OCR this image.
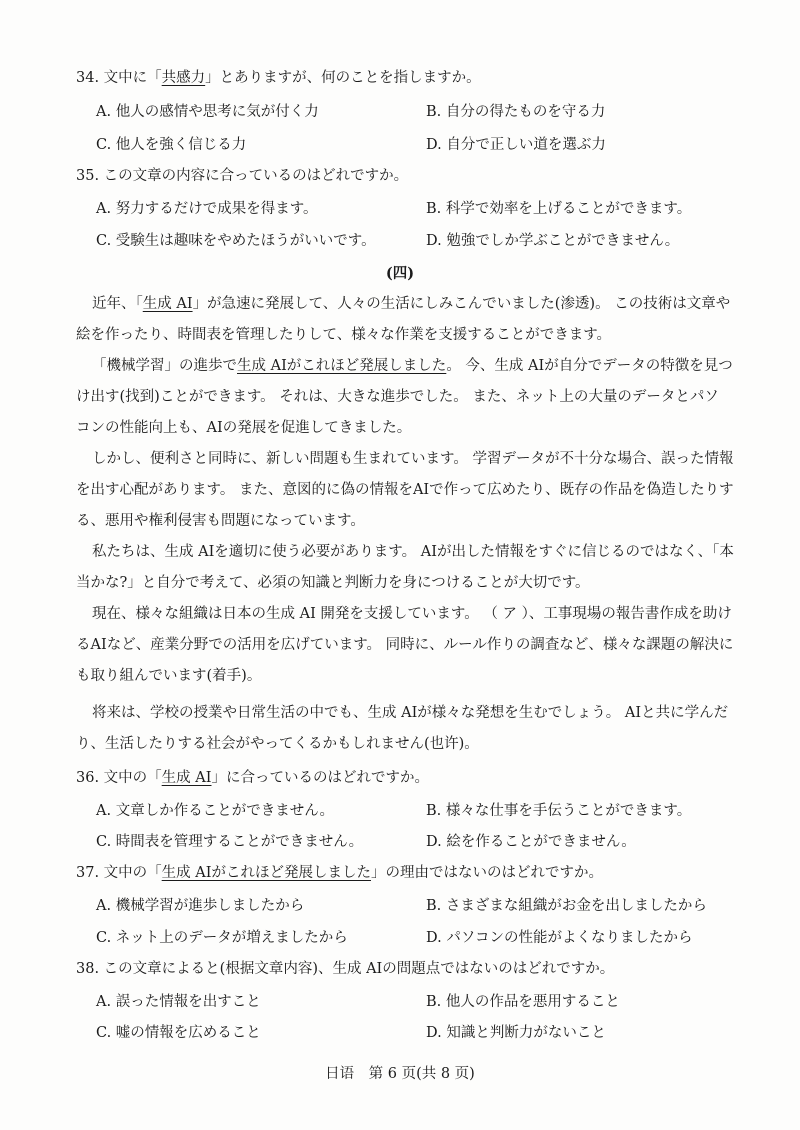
34. 文中に「共感力」とありますが、何のことを指しますか。
A. 他人の感情や思考に気が付く力	B. 自分の得たものを守る力
C. 他人を強く信じる力	D. 自分で正しい道を選ぶ力
35. この文章の内容に合っているのはどれですか。
A. 努力するだけで成果を得ます。	B. 科学で効率を上げることができます。
C. 受験生は趣味をやめたほうがいいです。	D. 勉強でしか学ぶことができません。
(四)
近年、「生成 AI」が急速に発展して、人々の生活にしみこんでいました(渗透)。 この技術は文章や
絵を作ったり、時間表を管理したりして、様々な作業を支援することができます。
「機械学習」の進歩で生成 AIがこれほど発展しました。 今、生成 AIが自分でデータの特徴を見つ
け出す(找到)ことができます。 それは、大きな進歩でした。 また、ネット上の大量のデータとパソ
コンの性能向上も、AIの発展を促進してきました。
しかし、便利さと同時に、新しい問題も生まれています。 学習データが不十分な場合、誤った情報
を出す心配があります。 また、意図的に偽の情報をAIで作って広めたり、既存の作品を偽造したりす
る、悪用や権利侵害も問題になっています。
私たちは、生成 AIを適切に使う必要があります。 AIが出した情報をすぐに信じるのではなく、「本
当かな?」と自分で考えて、必須の知識と判断力を身につけることが大切です。
現在、様々な組織は日本の生成 AI 開発を支援しています。 （ ア ）、工事現場の報告書作成を助け
るAIなど、産業分野での活用を広げています。 同時に、ルール作りの調査など、様々な課題の解決に
も取り組んでいます(着手)。
将来は、学校の授業や日常生活の中でも、生成 AIが様々な発想を生むでしょう。 AIと共に学んだ
り、生活したりする社会がやってくるかもしれません(也许)。
36. 文中の「生成 AI」に合っているのはどれですか。
A. 文章しか作ることができません。	B. 様々な仕事を手伝うことができます。
C. 時間表を管理することができません。	D. 絵を作ることができません。
37. 文中の「生成 AIがこれほど発展しました」の理由ではないのはどれですか。
A. 機械学習が進歩しましたから	B. さまざまな組織がお金を出しましたから
C. ネット上のデータが増えましたから	D. パソコンの性能がよくなりましたから
38. この文章によると(根据文章内容)、生成 AIの問題点ではないのはどれですか。
A. 誤った情報を出すこと	B. 他人の作品を悪用すること
C. 嘘の情報を広めること	D. 知識と判断力がないこと
日语　第 6 页(共 8 页)
